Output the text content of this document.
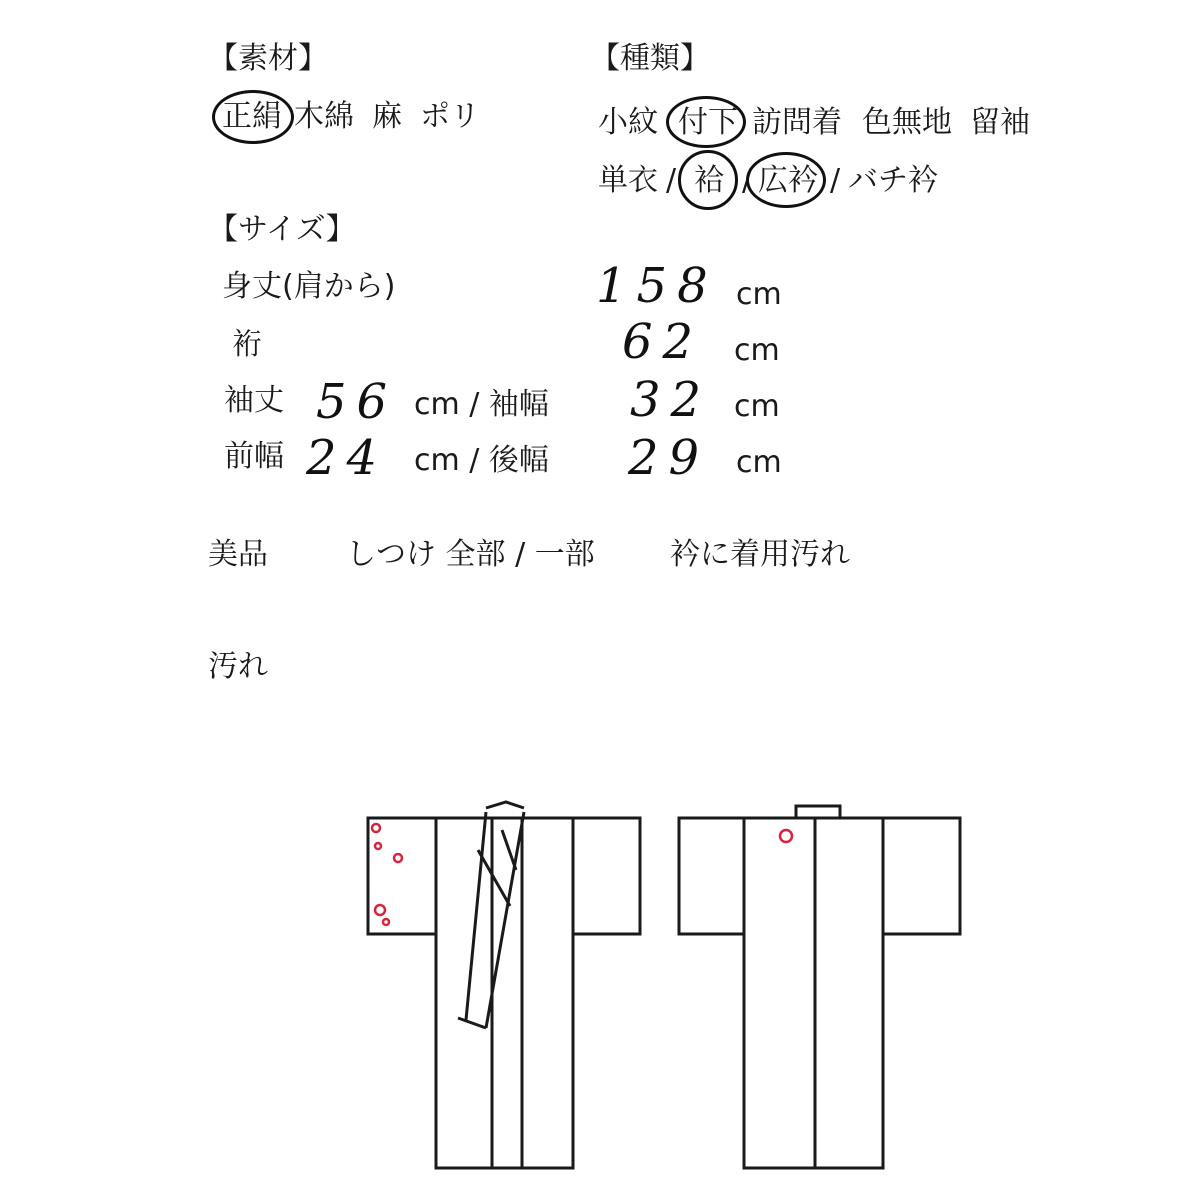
【素材】
正絹 木綿 麻 ポリ
【種類】
小紋 付下 訪問着 色無地 留袖
単衣 / 袷 / 広衿 / バチ衿
【サイズ】
身丈(肩から)	158 cm
裄	62 cm
袖丈 56 cm / 袖幅 32 cm
前幅 24 cm / 後幅 29 cm
美品	しつけ 全部 / 一部	衿に着用汚れ
汚れ
